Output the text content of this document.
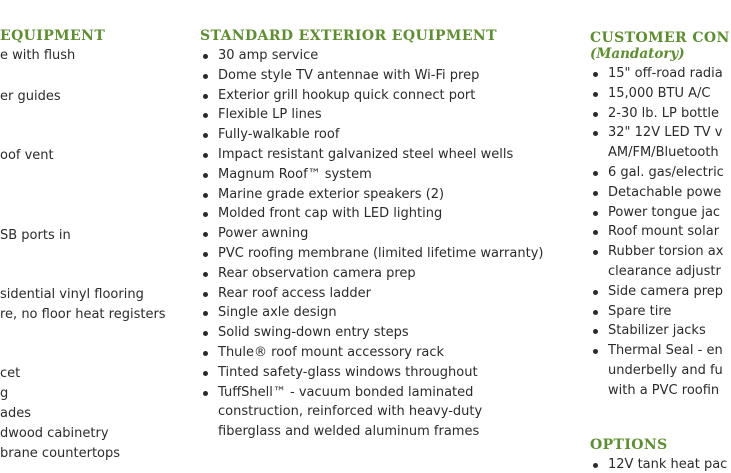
EQUIPMENT
e with flush
er guides
oof vent
SB ports in
sidential vinyl flooring
re, no floor heat registers
cet
g
ades
dwood cabinetry
brane countertops
STANDARD EXTERIOR EQUIPMENT
30 amp service
Dome style TV antennae with Wi-Fi prep
Exterior grill hookup quick connect port
Flexible LP lines
Fully-walkable roof
Impact resistant galvanized steel wheel wells
Magnum Roof™ system
Marine grade exterior speakers (2)
Molded front cap with LED lighting
Power awning
PVC roofing membrane (limited lifetime warranty)
Rear observation camera prep
Rear roof access ladder
Single axle design
Solid swing-down entry steps
Thule® roof mount accessory rack
Tinted safety-glass windows throughout
TuffShell™ - vacuum bonded laminated
construction, reinforced with heavy-duty
fiberglass and welded aluminum frames
CUSTOMER CON
(Mandatory)
15" off-road radia
15,000 BTU A/C
2-30 lb. LP bottle
32" 12V LED TV v
AM/FM/Bluetooth
6 gal. gas/electric
Detachable powe
Power tongue jac
Roof mount solar
Rubber torsion ax
clearance adjustr
Side camera prep
Spare tire
Stabilizer jacks
Thermal Seal - en
underbelly and fu
with a PVC roofin
OPTIONS
12V tank heat pac
